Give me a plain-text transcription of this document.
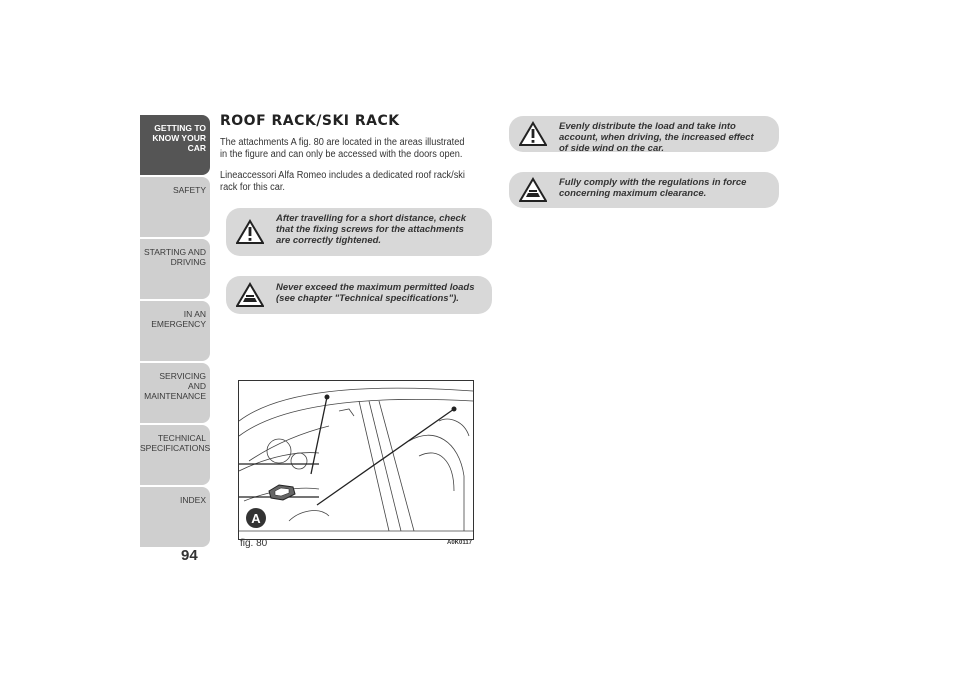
GETTING TO
KNOW YOUR CAR
SAFETY
STARTING AND
DRIVING
IN AN EMERGENCY
SERVICING AND
MAINTENANCE
TECHNICAL
SPECIFICATIONS
INDEX
94
ROOF RACK/SKI RACK
The attachments A fig. 80 are located in the areas illustrated in the figure and can only be accessed with the doors open.
Lineaccessori Alfa Romeo includes a dedicated roof rack/ski rack for this car.
After travelling for a short distance, check that the fixing screws for the attachments are correctly tightened.
Never exceed the maximum permitted loads (see chapter "Technical specifications").
Evenly distribute the load and take into account, when driving, the increased effect of side wind on the car.
Fully comply with the regulations in force concerning maximum clearance.
A
fig. 80	A0K0117
